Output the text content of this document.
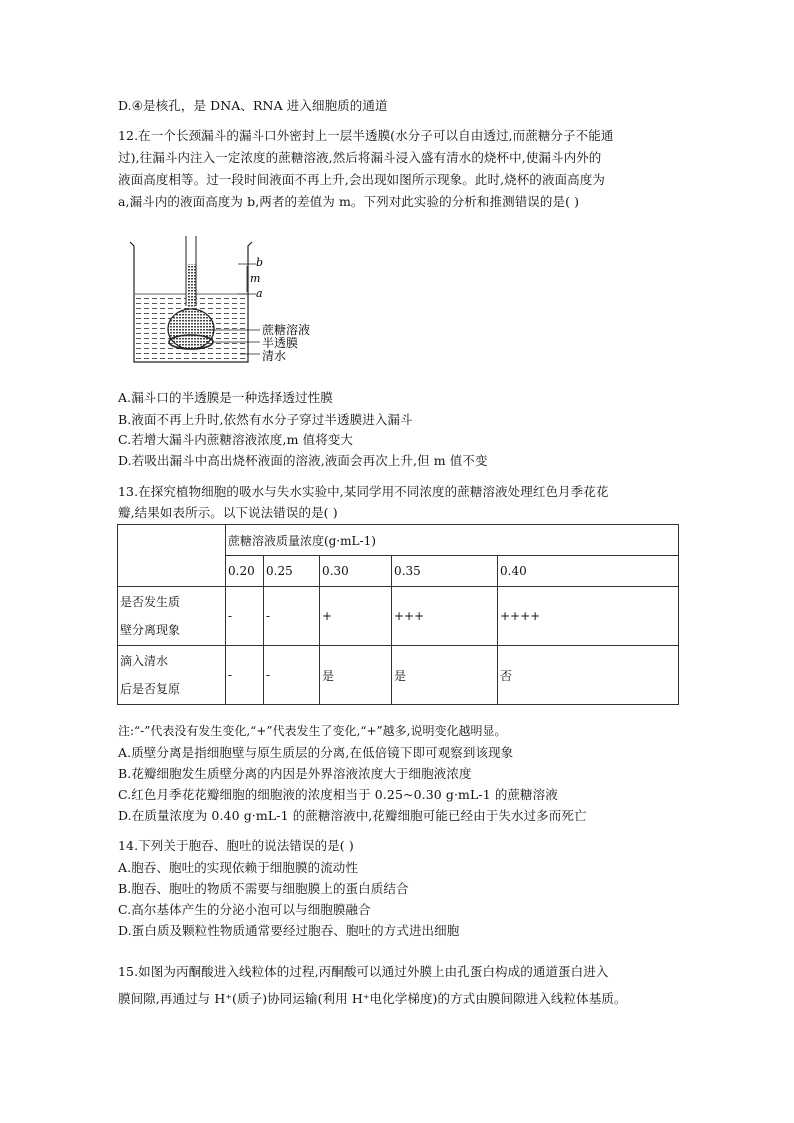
D.④是核孔，是 DNA、RNA 进入细胞质的通道
12.在一个长颈漏斗的漏斗口外密封上一层半透膜(水分子可以自由透过,而蔗糖分子不能通
过),往漏斗内注入一定浓度的蔗糖溶液,然后将漏斗浸入盛有清水的烧杯中,使漏斗内外的
液面高度相等。过一段时间液面不再上升,会出现如图所示现象。此时,烧杯的液面高度为
a,漏斗内的液面高度为 b,两者的差值为 m。下列对此实验的分析和推测错误的是( )
b
m
a
蔗糖溶液
半透膜
清水
A.漏斗口的半透膜是一种选择透过性膜
B.液面不再上升时,依然有水分子穿过半透膜进入漏斗
C.若增大漏斗内蔗糖溶液浓度,m 值将变大
D.若吸出漏斗中高出烧杯液面的溶液,液面会再次上升,但 m 值不变
13.在探究植物细胞的吸水与失水实验中,某同学用不同浓度的蔗糖溶液处理红色月季花花
瓣,结果如表所示。以下说法错误的是( )
	蔗糖溶液质量浓度(g·mL-1)				
	0.20	0.25	0.30	0.35	0.40

是否发生质
壁分离现象	-	-	+	+++	++++

滴入清水
后是否复原	-	-	是	是	否
注:“-”代表没有发生变化,“+”代表发生了变化,“+”越多,说明变化越明显。
A.质壁分离是指细胞壁与原生质层的分离,在低倍镜下即可观察到该现象
B.花瓣细胞发生质壁分离的内因是外界溶液浓度大于细胞液浓度
C.红色月季花花瓣细胞的细胞液的浓度相当于 0.25~0.30 g·mL-1 的蔗糖溶液
D.在质量浓度为 0.40 g·mL-1 的蔗糖溶液中,花瓣细胞可能已经由于失水过多而死亡
14.下列关于胞吞、胞吐的说法错误的是( )
A.胞吞、胞吐的实现依赖于细胞膜的流动性
B.胞吞、胞吐的物质不需要与细胞膜上的蛋白质结合
C.高尔基体产生的分泌小泡可以与细胞膜融合
D.蛋白质及颗粒性物质通常要经过胞吞、胞吐的方式进出细胞
15.如图为丙酮酸进入线粒体的过程,丙酮酸可以通过外膜上由孔蛋白构成的通道蛋白进入
膜间隙,再通过与 H⁺(质子)协同运输(利用 H⁺电化学梯度)的方式由膜间隙进入线粒体基质。
